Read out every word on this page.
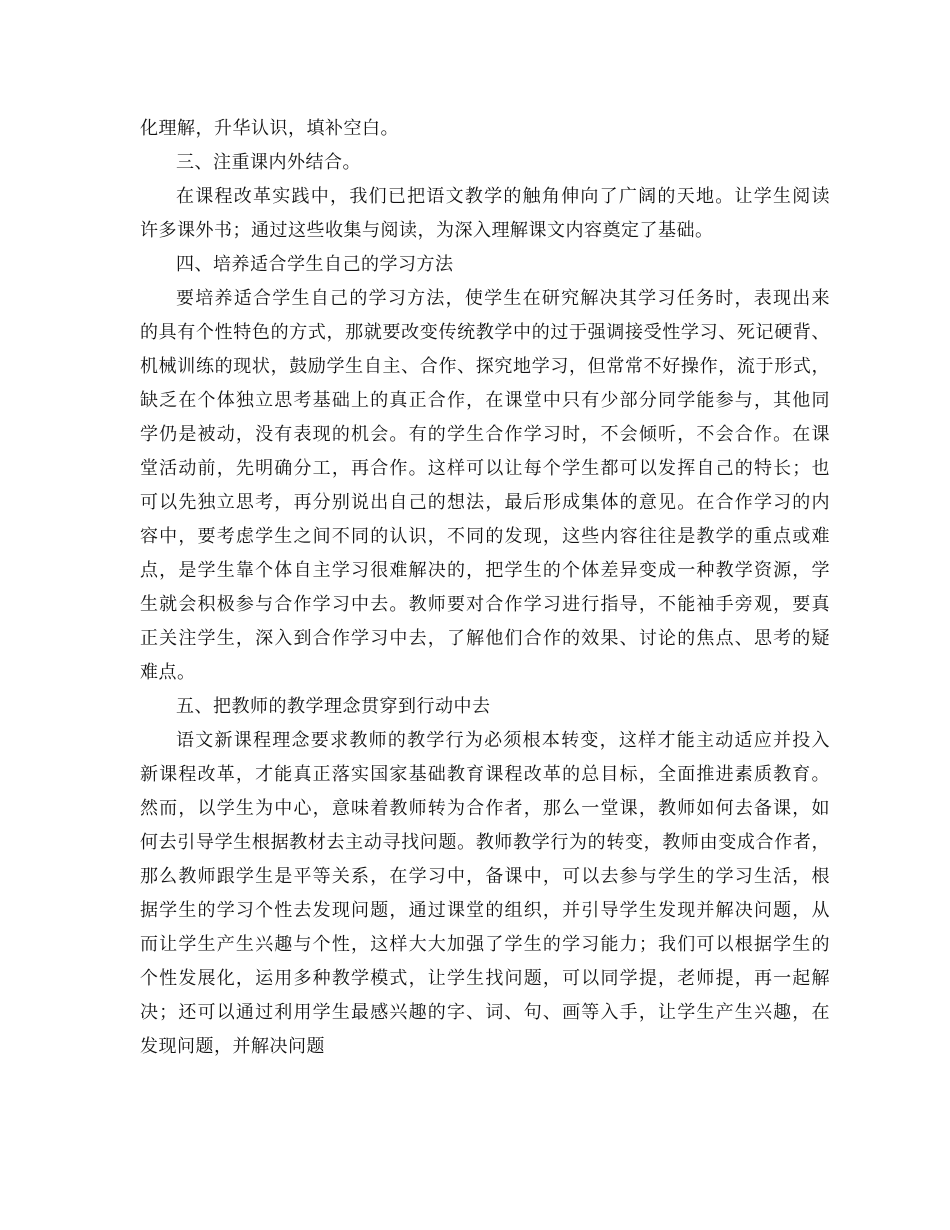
化理解，升华认识，填补空白。
三、注重课内外结合。
在课程改革实践中，我们已把语文教学的触角伸向了广阔的天地。让学生阅读
许多课外书；通过这些收集与阅读，为深入理解课文内容奠定了基础。
四、培养适合学生自己的学习方法
要培养适合学生自己的学习方法，使学生在研究解决其学习任务时，表现出来
的具有个性特色的方式，那就要改变传统教学中的过于强调接受性学习、死记硬背、
机械训练的现状，鼓励学生自主、合作、探究地学习，但常常不好操作，流于形式，
缺乏在个体独立思考基础上的真正合作，在课堂中只有少部分同学能参与，其他同
学仍是被动，没有表现的机会。有的学生合作学习时，不会倾听，不会合作。在课
堂活动前，先明确分工，再合作。这样可以让每个学生都可以发挥自己的特长；也
可以先独立思考，再分别说出自己的想法，最后形成集体的意见。在合作学习的内
容中，要考虑学生之间不同的认识，不同的发现，这些内容往往是教学的重点或难
点，是学生靠个体自主学习很难解决的，把学生的个体差异变成一种教学资源，学
生就会积极参与合作学习中去。教师要对合作学习进行指导，不能袖手旁观，要真
正关注学生，深入到合作学习中去，了解他们合作的效果、讨论的焦点、思考的疑
难点。
五、把教师的教学理念贯穿到行动中去
语文新课程理念要求教师的教学行为必须根本转变，这样才能主动适应并投入
新课程改革，才能真正落实国家基础教育课程改革的总目标，全面推进素质教育。
然而，以学生为中心，意味着教师转为合作者，那么一堂课，教师如何去备课，如
何去引导学生根据教材去主动寻找问题。教师教学行为的转变，教师由变成合作者，
那么教师跟学生是平等关系，在学习中，备课中，可以去参与学生的学习生活，根
据学生的学习个性去发现问题，通过课堂的组织，并引导学生发现并解决问题，从
而让学生产生兴趣与个性，这样大大加强了学生的学习能力；我们可以根据学生的
个性发展化，运用多种教学模式，让学生找问题，可以同学提，老师提，再一起解
决；还可以通过利用学生最感兴趣的字、词、句、画等入手，让学生产生兴趣，在
发现问题，并解决问题
